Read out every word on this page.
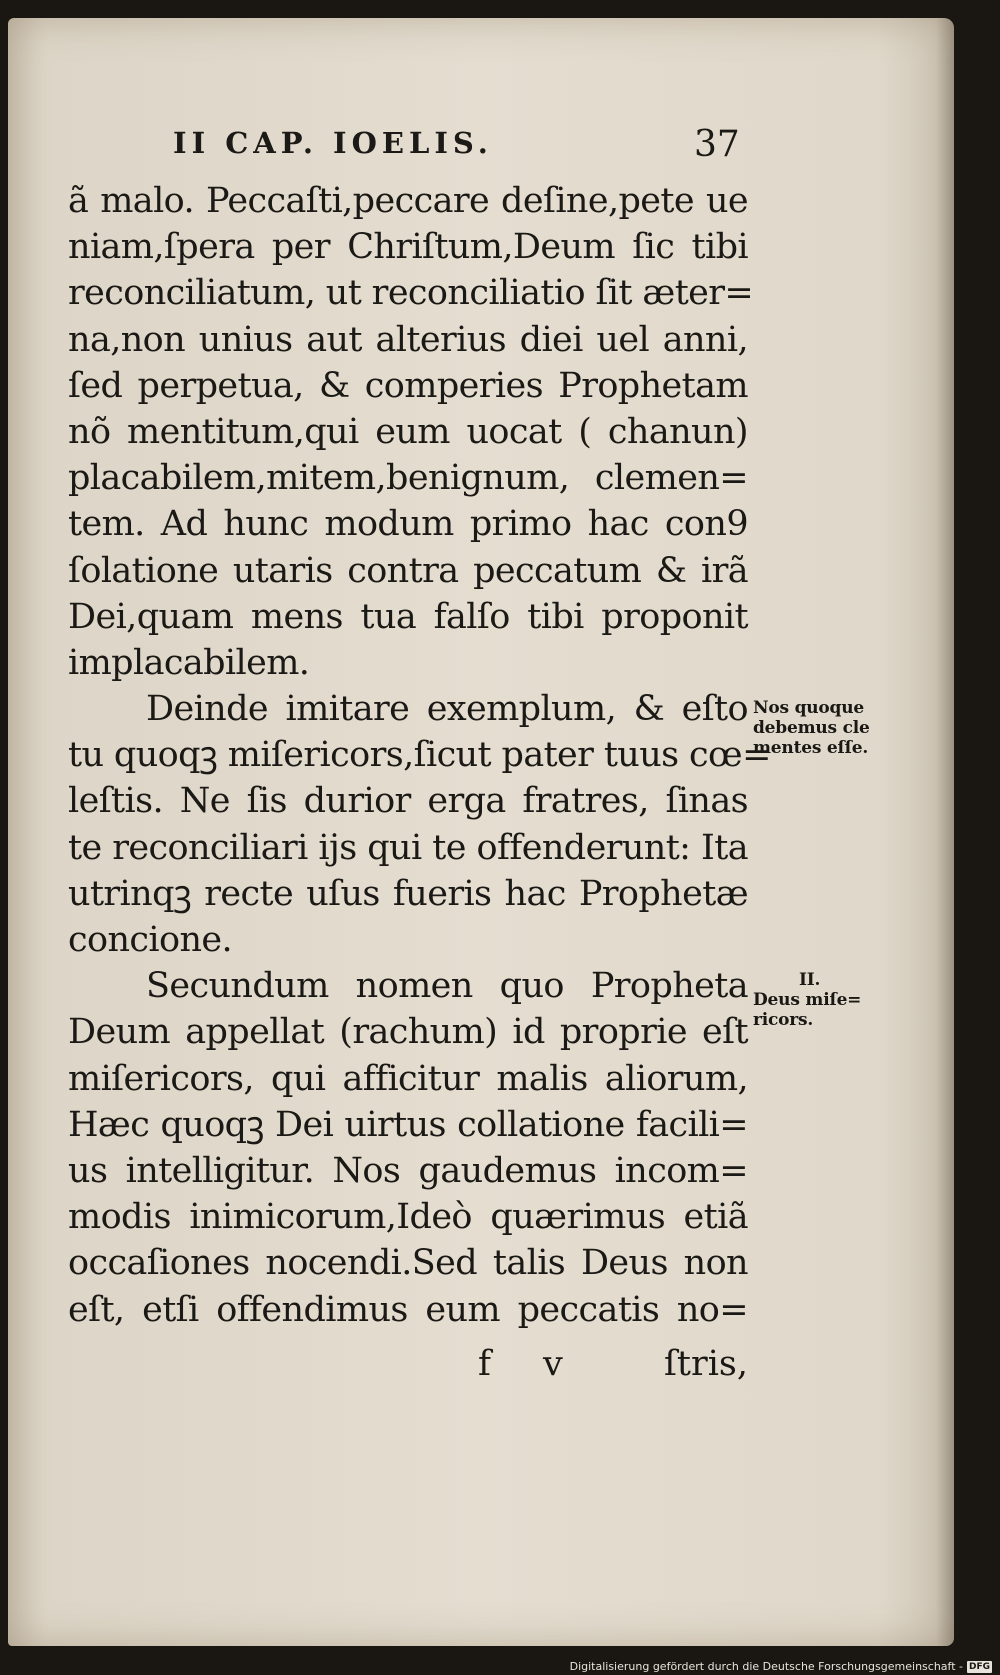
II CAP. IOELIS.	37
ã malo. Peccaſti,peccare deſine,pete ue
niam,ſpera per Chriſtum,Deum ſic tibi
reconciliatum, ut reconciliatio ſit æter=
na,non unius aut alterius diei uel anni,
ſed perpetua, & comperies Prophetam
nõ mentitum,qui eum uocat ( chanun)
placabilem,mitem,benignum, clemen=
tem. Ad hunc modum primo hac con9
ſolatione utaris contra peccatum & irã
Dei,quam mens tua falſo tibi proponit
implacabilem.
Deinde imitare exemplum, & eſto
tu quoqꝫ miſericors,ſicut pater tuus cœ=
leſtis. Ne ſis durior erga fratres, ſinas
te reconciliari ijs qui te offenderunt: Ita
utrinqꝫ recte uſus fueris hac Prophetæ
concione.
Secundum nomen quo Propheta
Deum appellat (rachum) id proprie eſt
miſericors, qui afficitur malis aliorum,
Hæc quoqꝫ Dei uirtus collatione facili=
us intelligitur. Nos gaudemus incom=
modis inimicorum,Ideò quærimus etiã
occaſiones nocendi.Sed talis Deus non
eſt, etſi offendimus eum peccatis no=
Nos quoque
debemus cle
mentes eſſe.
II.
Deus miſe=
ricors.
f v	ſtris,
Digitalisierung gefördert durch die Deutsche Forschungsgemeinschaft - DFG
